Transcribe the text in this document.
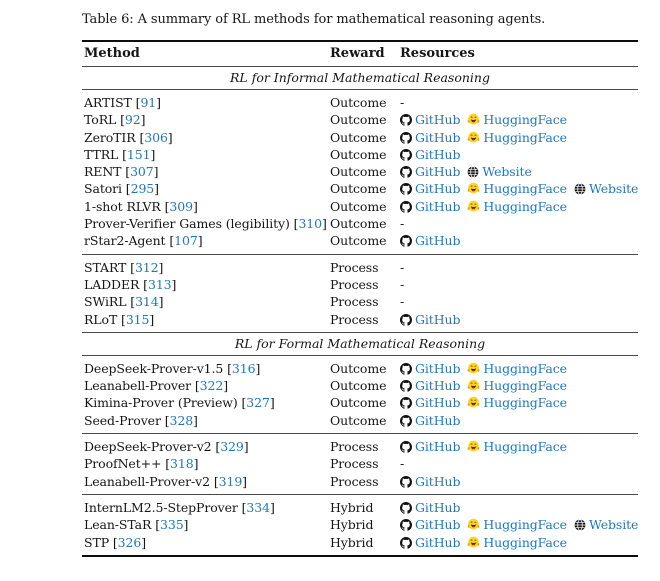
Table 6: A summary of RL methods for mathematical reasoning agents.
Method	Reward	Resources
RL for Informal Mathematical Reasoning
ARTIST [91]	Outcome	-
ToRL [92]	Outcome	GitHub HuggingFace
ZeroTIR [306]	Outcome	GitHub HuggingFace
TTRL [151]	Outcome	GitHub
RENT [307]	Outcome	GitHub Website
Satori [295]	Outcome	GitHub HuggingFace Website
1-shot RLVR [309]	Outcome	GitHub HuggingFace
Prover-Verifier Games (legibility) [310] Outcome	-
rStar2-Agent [107]	Outcome	GitHub
START [312]	Process	-
LADDER [313]	Process	-
SWiRL [314]	Process	-
RLoT [315]	Process	GitHub
RL for Formal Mathematical Reasoning
DeepSeek-Prover-v1.5 [316]	Outcome	GitHub HuggingFace
Leanabell-Prover [322]	Outcome	GitHub HuggingFace
Kimina-Prover (Preview) [327]	Outcome	GitHub HuggingFace
Seed-Prover [328]	Outcome	GitHub
DeepSeek-Prover-v2 [329]	Process	GitHub HuggingFace
ProofNet++ [318]	Process	-
Leanabell-Prover-v2 [319]	Process	GitHub
InternLM2.5-StepProver [334]	Hybrid	GitHub
Lean-STaR [335]	Hybrid	GitHub HuggingFace Website
STP [326]	Hybrid	GitHub HuggingFace
